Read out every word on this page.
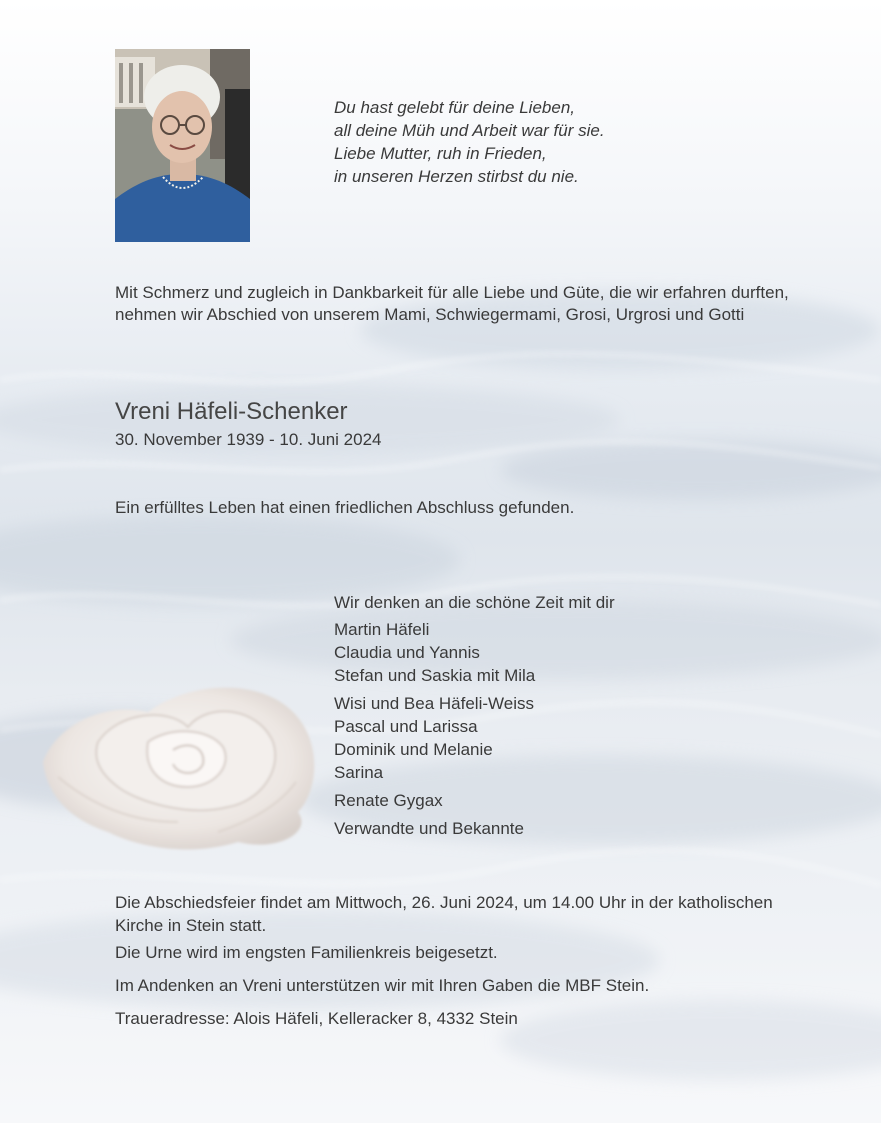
Du hast gelebt für deine Lieben,
all deine Müh und Arbeit war für sie.
Liebe Mutter, ruh in Frieden,
in unseren Herzen stirbst du nie.
Mit Schmerz und zugleich in Dankbarkeit für alle Liebe und Güte, die wir erfahren durften, nehmen wir Abschied von unserem Mami, Schwiegermami, Grosi, Urgrosi und Gotti
Vreni Häfeli-Schenker
30. November 1939 - 10. Juni 2024
Ein erfülltes Leben hat einen friedlichen Abschluss gefunden.
Wir denken an die schöne Zeit mit dir
Martin Häfeli
Claudia und Yannis
Stefan und Saskia mit Mila
Wisi und Bea Häfeli-Weiss
Pascal und Larissa
Dominik und Melanie
Sarina
Renate Gygax
Verwandte und Bekannte

Die Abschiedsfeier findet am Mittwoch, 26. Juni 2024, um 14.00 Uhr in der katholischen Kirche in Stein statt.

Die Urne wird im engsten Familienkreis beigesetzt.

Im Andenken an Vreni unterstützen wir mit Ihren Gaben die MBF Stein.

Traueradresse: Alois Häfeli, Kelleracker 8, 4332 Stein
